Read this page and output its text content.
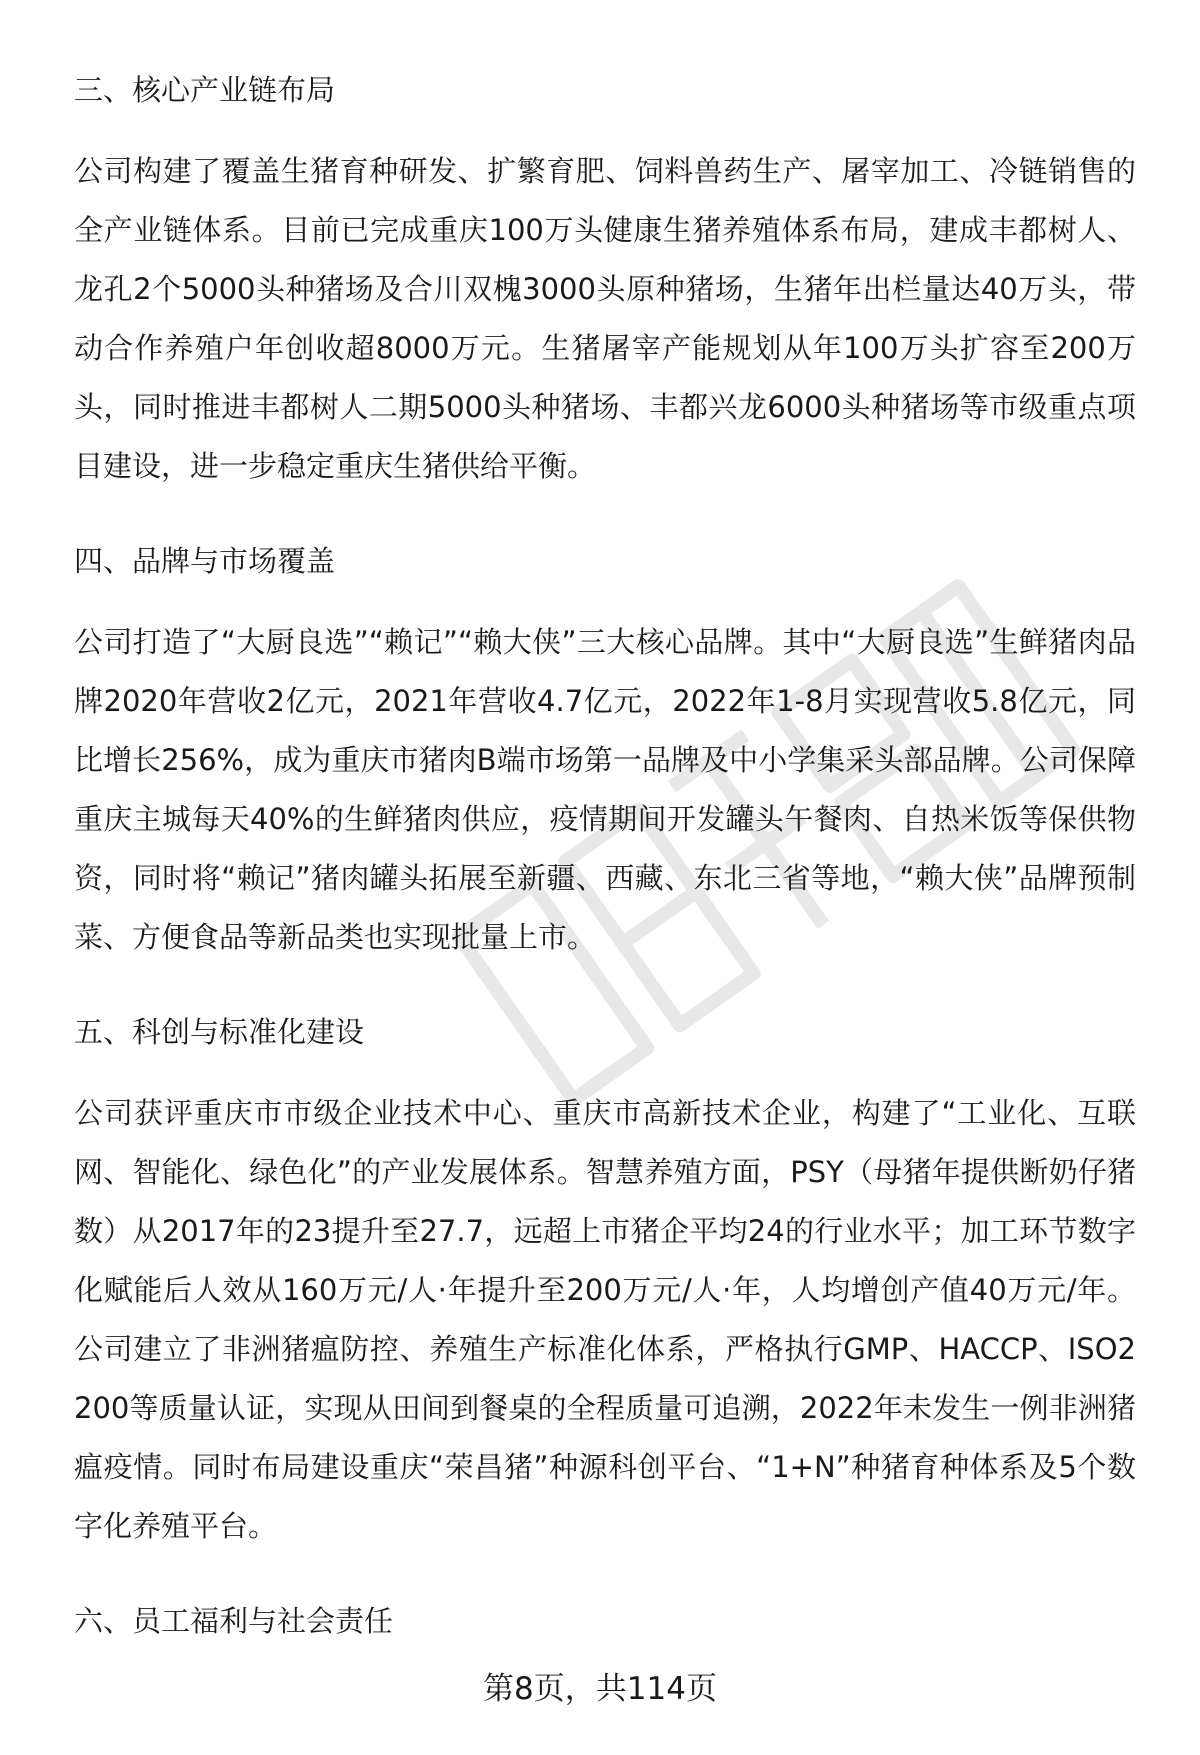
三、核心产业链布局
公司构建了覆盖生猪育种研发、扩繁育肥、饲料兽药生产、屠宰加工、冷链销售的全产业链体系。目前已完成重庆100万头健康生猪养殖体系布局，建成丰都树人、龙孔2个5000头种猪场及合川双槐3000头原种猪场，生猪年出栏量达40万头，带动合作养殖户年创收超8000万元。生猪屠宰产能规划从年100万头扩容至200万头，同时推进丰都树人二期5000头种猪场、丰都兴龙6000头种猪场等市级重点项目建设，进一步稳定重庆生猪供给平衡。
四、品牌与市场覆盖
公司打造了“大厨良选”“赖记”“赖大侠”三大核心品牌。其中“大厨良选”生鲜猪肉品牌2020年营收2亿元，2021年营收4.7亿元，2022年1-8月实现营收5.8亿元，同比增长256%，成为重庆市猪肉B端市场第一品牌及中小学集采头部品牌。公司保障重庆主城每天40%的生鲜猪肉供应，疫情期间开发罐头午餐肉、自热米饭等保供物资，同时将“赖记”猪肉罐头拓展至新疆、西藏、东北三省等地，“赖大侠”品牌预制菜、方便食品等新品类也实现批量上市。
五、科创与标准化建设
公司获评重庆市市级企业技术中心、重庆市高新技术企业，构建了“工业化、互联网、智能化、绿色化”的产业发展体系。智慧养殖方面，PSY（母猪年提供断奶仔猪数）从2017年的23提升至27.7，远超上市猪企平均24的行业水平；加工环节数字化赋能后人效从160万元/人·年提升至200万元/人·年，人均增创产值40万元/年。公司建立了非洲猪瘟防控、养殖生产标准化体系，严格执行GMP、HACCP、ISO2200等质量认证，实现从田间到餐桌的全程质量可追溯，2022年未发生一例非洲猪瘟疫情。同时布局建设重庆“荣昌猪”种源科创平台、“1+N”种猪育种体系及5个数字化养殖平台。
六、员工福利与社会责任
第8页，共114页
